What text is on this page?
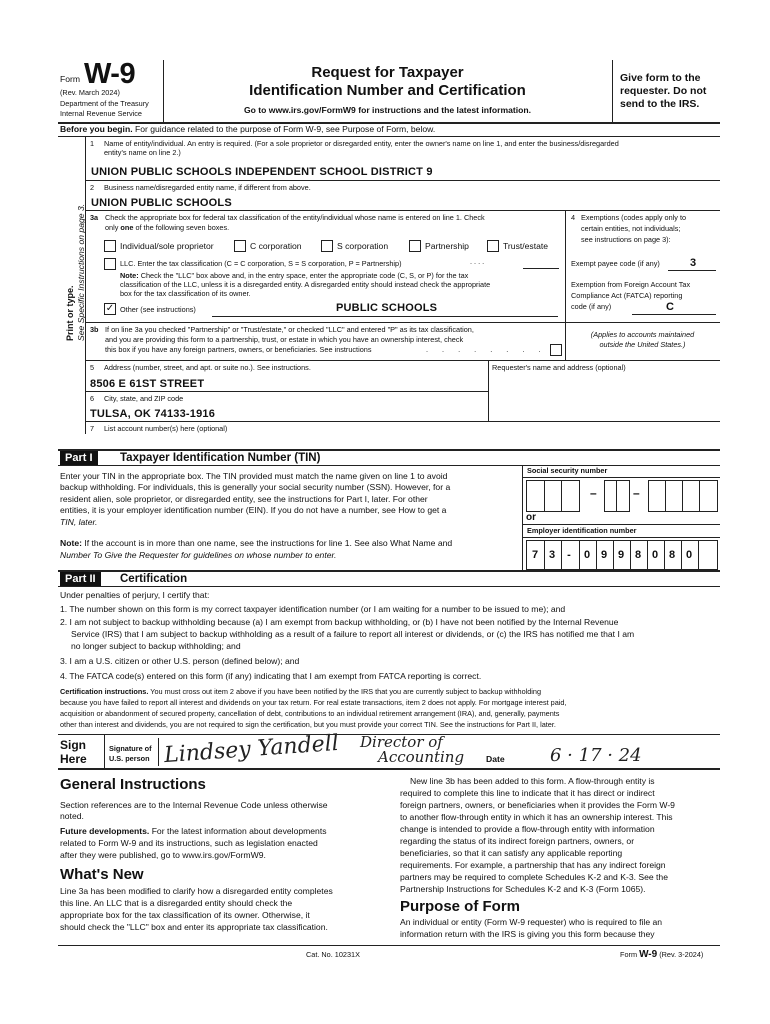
Form W-9
(Rev. March 2024)
Department of the Treasury
Internal Revenue Service
Request for Taxpayer
Identification Number and Certification
Go to www.irs.gov/FormW9 for instructions and the latest information.
Give form to the
requester. Do not
send to the IRS.
Before you begin. For guidance related to the purpose of Form W-9, see Purpose of Form, below.
Print or type. See Specific Instructions on page 3.
1 Name of entity/individual. An entry is required. (For a sole proprietor or disregarded entity, enter the owner's name on line 1, and enter the business/disregarded
entity's name on line 2.)
UNION PUBLIC SCHOOLS INDEPENDENT SCHOOL DISTRICT 9
2 Business name/disregarded entity name, if different from above.
UNION PUBLIC SCHOOLS
3a Check the appropriate box for federal tax classification of the entity/individual whose name is entered on line 1. Check
only one of the following seven boxes.
Individual/sole proprietor	C corporation	S corporation	Partnership	Trust/estate
LLC. Enter the tax classification (C = C corporation, S = S corporation, P = Partnership)	. . . .
Note: Check the "LLC" box above and, in the entry space, enter the appropriate code (C, S, or P) for the tax
classification of the LLC, unless it is a disregarded entity. A disregarded entity should instead check the appropriate
box for the tax classification of its owner.
✓ Other (see instructions)	PUBLIC SCHOOLS
4 Exemptions (codes apply only to
certain entities, not individuals;
see instructions on page 3):
Exempt payee code (if any)	3
Exemption from Foreign Account Tax
Compliance Act (FATCA) reporting
code (if any)	C
(Applies to accounts maintained
outside the United States.)
3b If on line 3a you checked "Partnership" or "Trust/estate," or checked "LLC" and entered "P" as its tax classification,
and you are providing this form to a partnership, trust, or estate in which you have an ownership interest, check
this box if you have any foreign partners, owners, or beneficiaries. See instructions	. . . . . . . .
5 Address (number, street, and apt. or suite no.). See instructions.	Requester's name and address (optional)
8506 E 61ST STREET
6 City, state, and ZIP code
TULSA, OK 74133-1916
7 List account number(s) here (optional)
Part I	Taxpayer Identification Number (TIN)
Enter your TIN in the appropriate box. The TIN provided must match the name given on line 1 to avoid
backup withholding. For individuals, this is generally your social security number (SSN). However, for a
resident alien, sole proprietor, or disregarded entity, see the instructions for Part I, later. For other
entities, it is your employer identification number (EIN). If you do not have a number, see How to get a
TIN, later.
Note: If the account is in more than one name, see the instructions for line 1. See also What Name and
Number To Give the Requester for guidelines on whose number to enter.
Social security number
–	–
or
Employer identification number
7 3	-	0 9 9 8 0 8 0
Part II	Certification
Under penalties of perjury, I certify that:
1. The number shown on this form is my correct taxpayer identification number (or I am waiting for a number to be issued to me); and
2. I am not subject to backup withholding because (a) I am exempt from backup withholding, or (b) I have not been notified by the Internal Revenue
Service (IRS) that I am subject to backup withholding as a result of a failure to report all interest or dividends, or (c) the IRS has notified me that I am
no longer subject to backup withholding; and
3. I am a U.S. citizen or other U.S. person (defined below); and
4. The FATCA code(s) entered on this form (if any) indicating that I am exempt from FATCA reporting is correct.
Certification instructions. You must cross out item 2 above if you have been notified by the IRS that you are currently subject to backup withholding
because you have failed to report all interest and dividends on your tax return. For real estate transactions, item 2 does not apply. For mortgage interest paid,
acquisition or abandonment of secured property, cancellation of debt, contributions to an individual retirement arrangement (IRA), and, generally, payments
other than interest and dividends, you are not required to sign the certification, but you must provide your correct TIN. See the instructions for Part II, later.
Sign
Here
Signature of
U.S. person Lindsey Yandell Director of
Accounting	Date	6 · 17 · 24
General Instructions
Section references are to the Internal Revenue Code unless otherwise
noted.
Future developments. For the latest information about developments
related to Form W-9 and its instructions, such as legislation enacted
after they were published, go to www.irs.gov/FormW9.
What's New
Line 3a has been modified to clarify how a disregarded entity completes
this line. An LLC that is a disregarded entity should check the
appropriate box for the tax classification of its owner. Otherwise, it
should check the "LLC" box and enter its appropriate tax classification.
New line 3b has been added to this form. A flow-through entity is
required to complete this line to indicate that it has direct or indirect
foreign partners, owners, or beneficiaries when it provides the Form W-9
to another flow-through entity in which it has an ownership interest. This
change is intended to provide a flow-through entity with information
regarding the status of its indirect foreign partners, owners, or
beneficiaries, so that it can satisfy any applicable reporting
requirements. For example, a partnership that has any indirect foreign
partners may be required to complete Schedules K-2 and K-3. See the
Partnership Instructions for Schedules K-2 and K-3 (Form 1065).
Purpose of Form
An individual or entity (Form W-9 requester) who is required to file an
information return with the IRS is giving you this form because they
Cat. No. 10231X	Form W-9 (Rev. 3-2024)
